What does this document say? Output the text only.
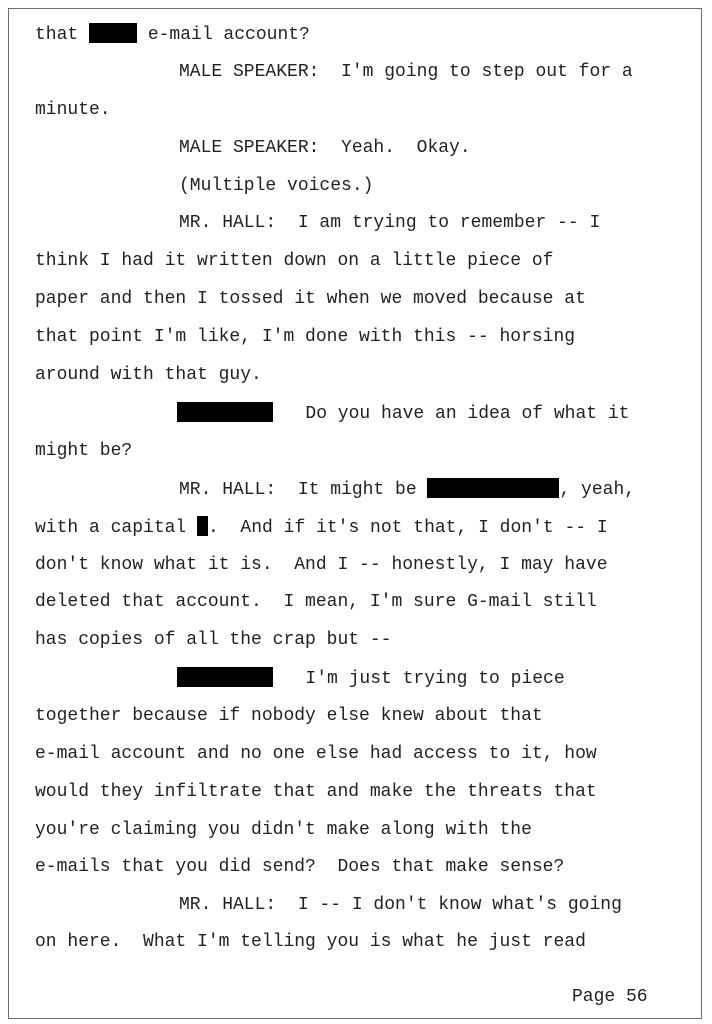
that	e-mail account?
MALE SPEAKER:  I'm going to step out for a
minute.
MALE SPEAKER:  Yeah.  Okay.
(Multiple voices.)
MR. HALL:  I am trying to remember -- I
think I had it written down on a little piece of
paper and then I tossed it when we moved because at
that point I'm like, I'm done with this -- horsing
around with that guy.
Do you have an idea of what it
might be?
MR. HALL:  It might be	, yeah,
with a capital .  And if it's not that, I don't -- I
don't know what it is.  And I -- honestly, I may have
deleted that account.  I mean, I'm sure G-mail still
has copies of all the crap but --
I'm just trying to piece
together because if nobody else knew about that
e-mail account and no one else had access to it, how
would they infiltrate that and make the threats that
you're claiming you didn't make along with the
e-mails that you did send?  Does that make sense?
MR. HALL:  I -- I don't know what's going
on here.  What I'm telling you is what he just read
Page 56
